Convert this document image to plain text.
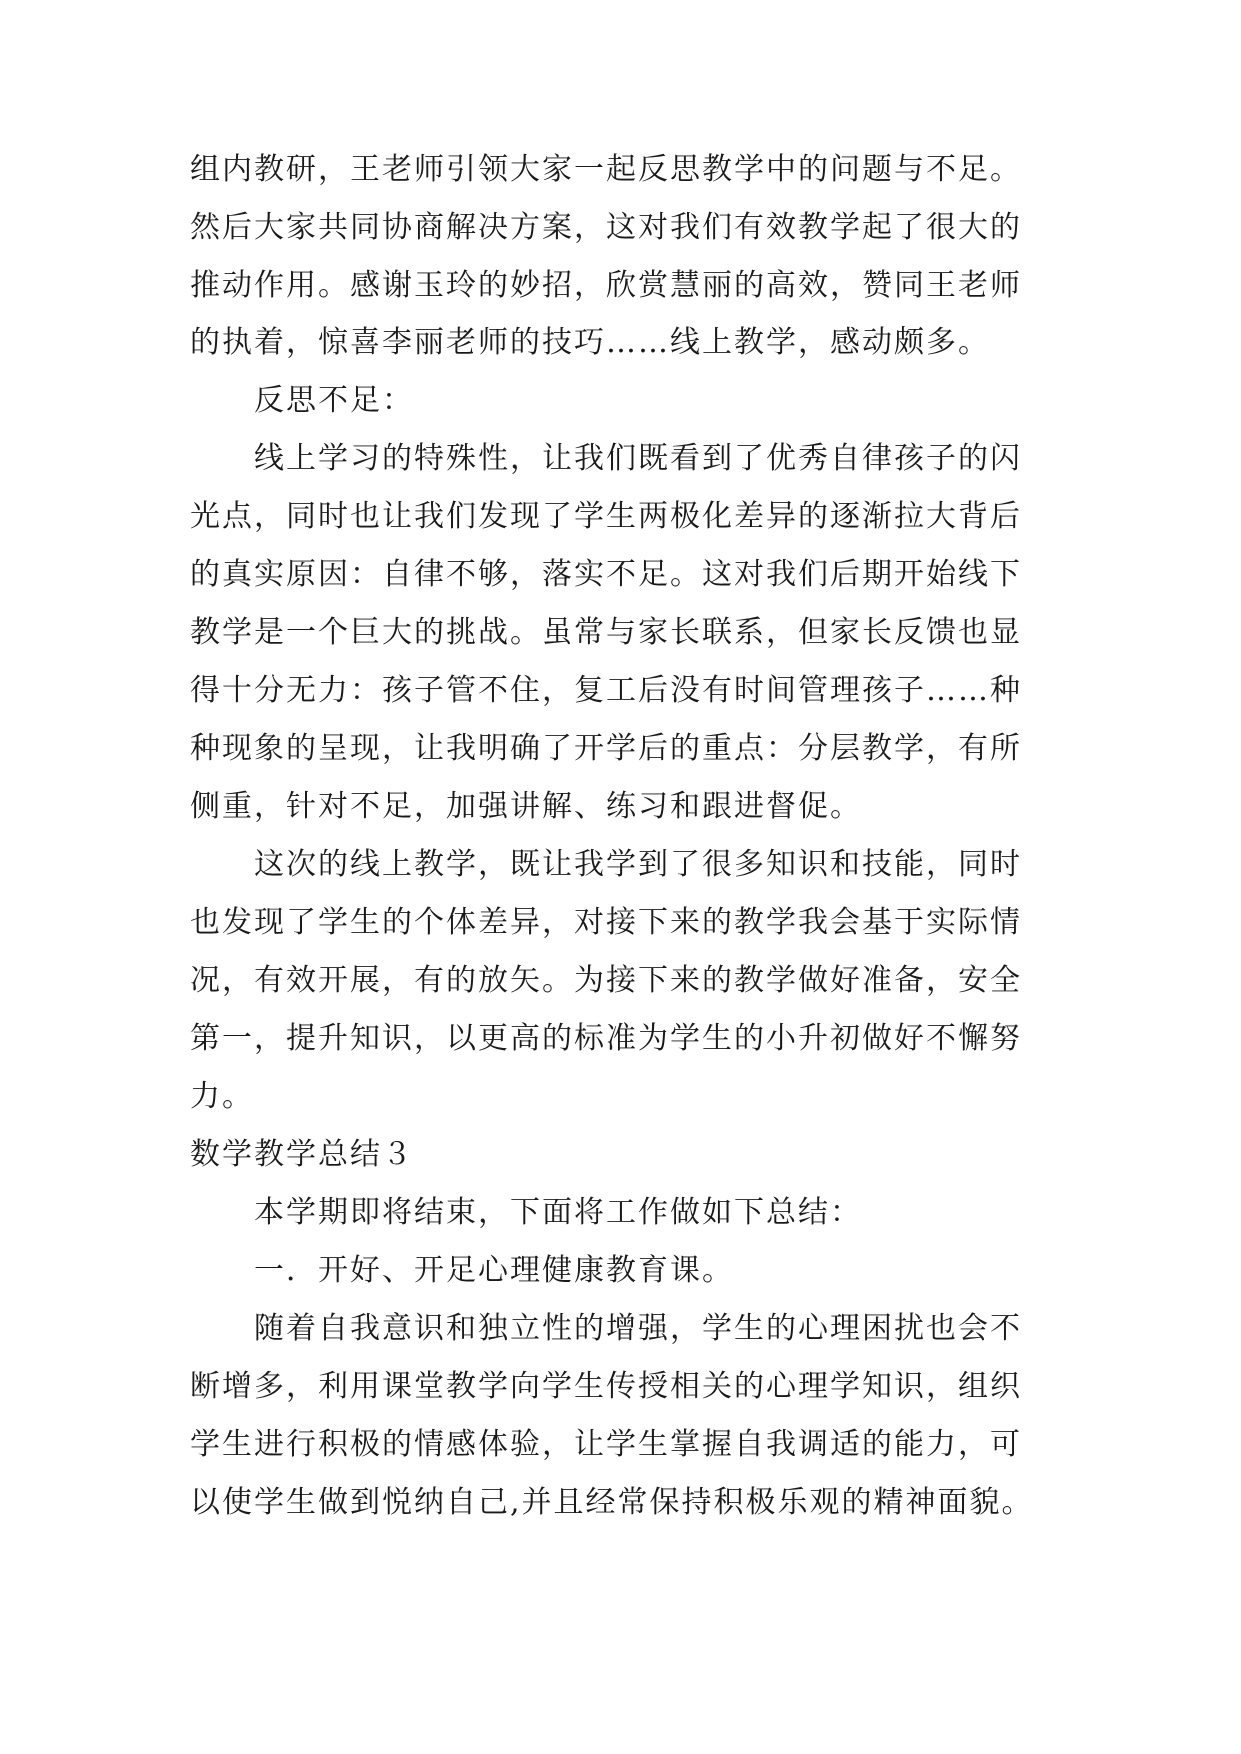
组内教研，王老师引领大家一起反思教学中的问题与不足。
然后大家共同协商解决方案，这对我们有效教学起了很大的
推动作用。感谢玉玲的妙招，欣赏慧丽的高效，赞同王老师
的执着，惊喜李丽老师的技巧……线上教学，感动颇多。
反思不足：
线上学习的特殊性，让我们既看到了优秀自律孩子的闪
光点，同时也让我们发现了学生两极化差异的逐渐拉大背后
的真实原因：自律不够，落实不足。这对我们后期开始线下
教学是一个巨大的挑战。虽常与家长联系，但家长反馈也显
得十分无力：孩子管不住，复工后没有时间管理孩子……种
种现象的呈现，让我明确了开学后的重点：分层教学，有所
侧重，针对不足，加强讲解、练习和跟进督促。
这次的线上教学，既让我学到了很多知识和技能，同时
也发现了学生的个体差异，对接下来的教学我会基于实际情
况，有效开展，有的放矢。为接下来的教学做好准备，安全
第一，提升知识，以更高的标准为学生的小升初做好不懈努
力。
数学教学总结３
本学期即将结束，下面将工作做如下总结：
一．开好、开足心理健康教育课。
随着自我意识和独立性的增强，学生的心理困扰也会不
断增多，利用课堂教学向学生传授相关的心理学知识，组织
学生进行积极的情感体验，让学生掌握自我调适的能力，可
以使学生做到悦纳自己,并且经常保持积极乐观的精神面貌。
